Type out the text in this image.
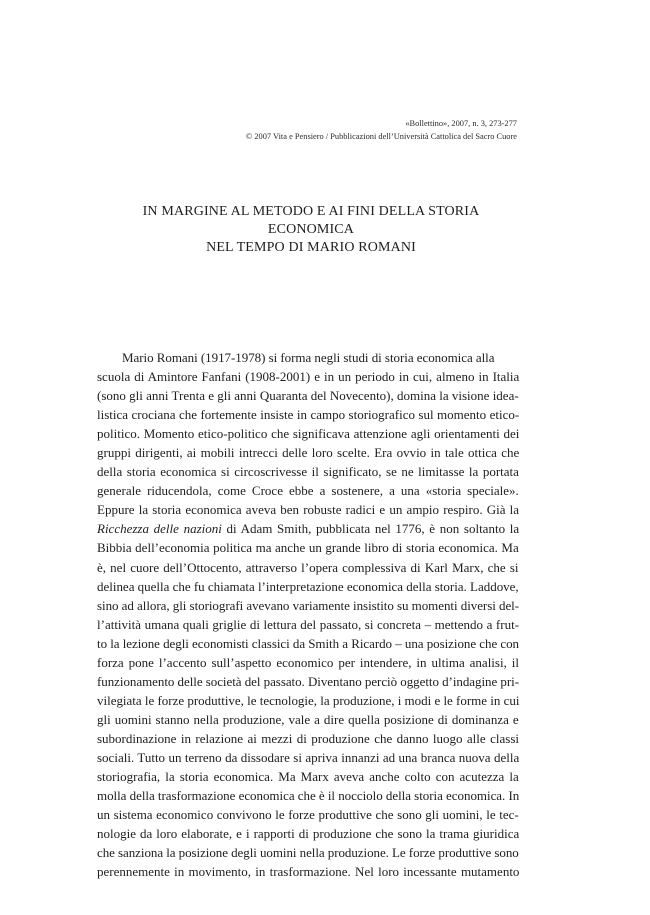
«Bollettino», 2007, n. 3, 273-277
© 2007 Vita e Pensiero / Pubblicazioni dell’Università Cattolica del Sacro Cuore
IN MARGINE AL METODO E AI FINI DELLA STORIA ECONOMICA
NEL TEMPO DI MARIO ROMANI
Mario Romani (1917-1978) si forma negli studi di storia economica alla
scuola di Amintore Fanfani (1908-2001) e in un periodo in cui, almeno in Italia
(sono gli anni Trenta e gli anni Quaranta del Novecento), domina la visione idea-
listica crociana che fortemente insiste in campo storiografico sul momento etico-
politico. Momento etico-politico che significava attenzione agli orientamenti dei
gruppi dirigenti, ai mobili intrecci delle loro scelte. Era ovvio in tale ottica che
della storia economica si circoscrivesse il significato, se ne limitasse la portata
generale riducendola, come Croce ebbe a sostenere, a una «storia speciale».
Eppure la storia economica aveva ben robuste radici e un ampio respiro. Già la
Ricchezza delle nazioni di Adam Smith, pubblicata nel 1776, è non soltanto la
Bibbia dell’economia politica ma anche un grande libro di storia economica. Ma
è, nel cuore dell’Ottocento, attraverso l’opera complessiva di Karl Marx, che si
delinea quella che fu chiamata l’interpretazione economica della storia. Laddove,
sino ad allora, gli storiografi avevano variamente insistito su momenti diversi del-
l’attività umana quali griglie di lettura del passato, si concreta – mettendo a frut-
to la lezione degli economisti classici da Smith a Ricardo – una posizione che con
forza pone l’accento sull’aspetto economico per intendere, in ultima analisi, il
funzionamento delle società del passato. Diventano perciò oggetto d’indagine pri-
vilegiata le forze produttive, le tecnologie, la produzione, i modi e le forme in cui
gli uomini stanno nella produzione, vale a dire quella posizione di dominanza e
subordinazione in relazione ai mezzi di produzione che danno luogo alle classi
sociali. Tutto un terreno da dissodare si apriva innanzi ad una branca nuova della
storiografia, la storia economica. Ma Marx aveva anche colto con acutezza la
molla della trasformazione economica che è il nocciolo della storia economica. In
un sistema economico convivono le forze produttive che sono gli uomini, le tec-
nologie da loro elaborate, e i rapporti di produzione che sono la trama giuridica
che sanziona la posizione degli uomini nella produzione. Le forze produttive sono
perennemente in movimento, in trasformazione. Nel loro incessante mutamento
